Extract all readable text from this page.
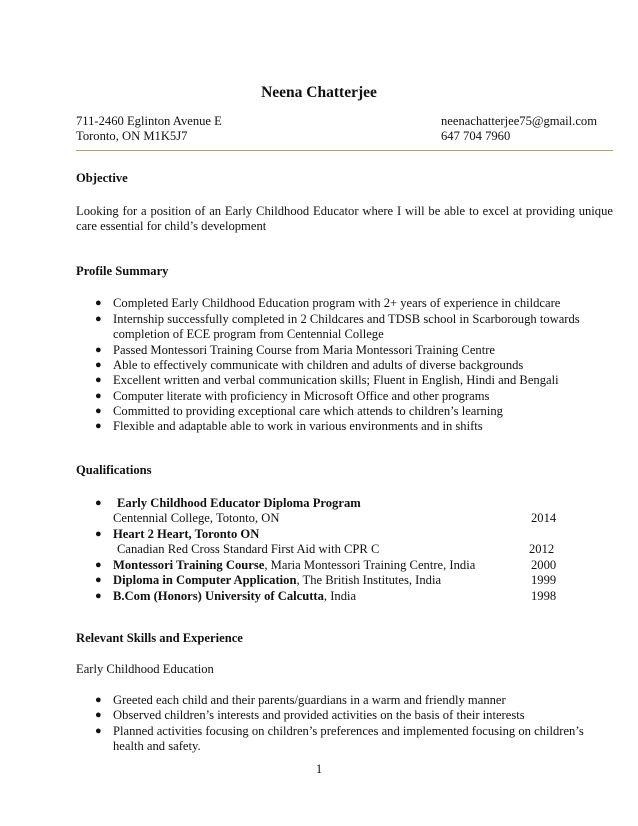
Neena Chatterjee
711-2460 Eglinton Avenue E
Toronto, ON M1K5J7
neenachatterjee75@gmail.com
647 704 7960
Objective
Looking for a position of an Early Childhood Educator where I will be able to excel at providing unique care essential for child’s development
Profile Summary
● Completed Early Childhood Education program with 2+ years of experience in childcare
● Internship successfully completed in 2 Childcares and TDSB school in Scarborough towards
completion of ECE program from Centennial College
● Passed Montessori Training Course from Maria Montessori Training Centre
● Able to effectively communicate with children and adults of diverse backgrounds
● Excellent written and verbal communication skills; Fluent in English, Hindi and Bengali
● Computer literate with proficiency in Microsoft Office and other programs
● Committed to providing exceptional care which attends to children’s learning
● Flexible and adaptable able to work in various environments and in shifts
Qualifications
● Early Childhood Educator Diploma Program
Centennial College, Totonto, ON	2014
● Heart 2 Heart, Toronto ON
Canadian Red Cross Standard First Aid with CPR C	2012
● Montessori Training Course, Maria Montessori Training Centre, India	2000
● Diploma in Computer Application, The British Institutes, India	1999
● B.Com (Honors) University of Calcutta, India	1998
Relevant Skills and Experience
Early Childhood Education
● Greeted each child and their parents/guardians in a warm and friendly manner
● Observed children’s interests and provided activities on the basis of their interests
● Planned activities focusing on children’s preferences and implemented focusing on children’s
health and safety.
1
